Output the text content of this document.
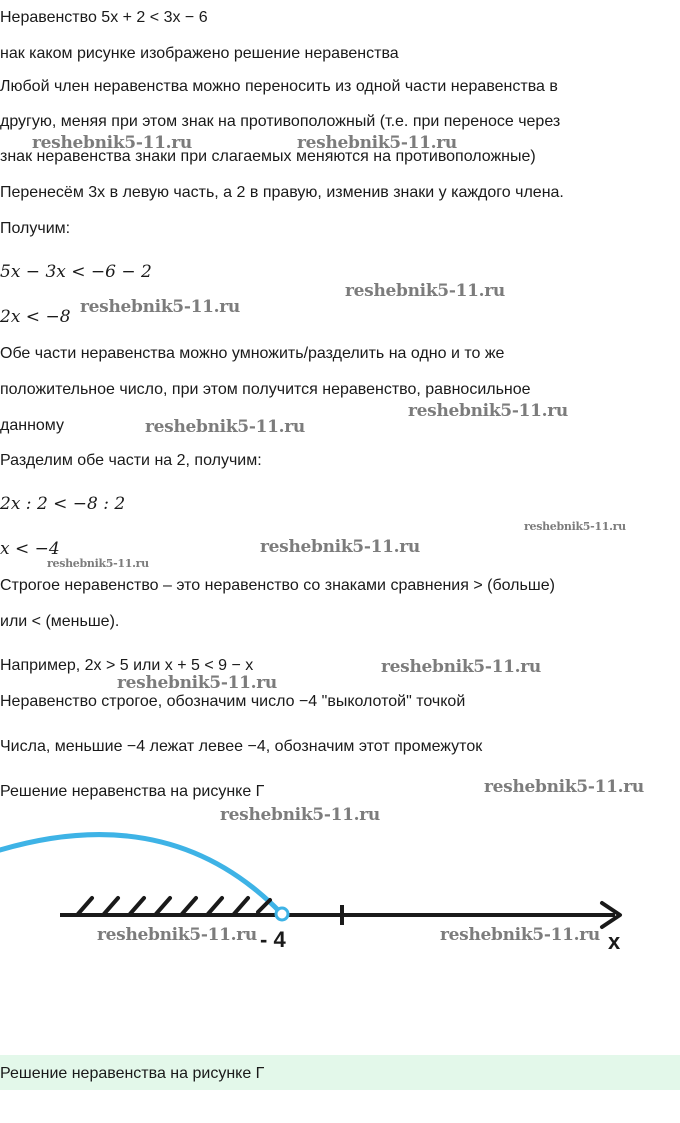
Неравенство 5x + 2 < 3x − 6
нак каком рисунке изображено решение неравенства
Любой член неравенства можно переносить из одной части неравенства в
другую, меняя при этом знак на противоположный (т.е. при переносе через
знак неравенства знаки при слагаемых меняются на противоположные)
Перенесём 3x в левую часть, а 2 в правую, изменив знаки у каждого члена.
Получим:
5x − 3x < −6 − 2
2x < −8
Обе части неравенства можно умножить/разделить на одно и то же
положительное число, при этом получится неравенство, равносильное
данному
Разделим обе части на 2, получим:
2x : 2 < −8 : 2
x < −4
Строгое неравенство – это неравенство со знаками сравнения > (больше)
или < (меньше).
Например, 2x > 5 или x + 5 < 9 − x
Неравенство строгое, обозначим число −4 "выколотой" точкой
Числа, меньшие −4 лежат левее −4, обозначим этот промежуток
Решение неравенства на рисунке Г
- 4	x
Решение неравенства на рисунке Г
reshebnik5-11.ru	reshebnik5-11.ru
reshebnik5-11.ru
reshebnik5-11.ru
reshebnik5-11.ru
reshebnik5-11.ru
reshebnik5-11.ru
reshebnik5-11.ru
reshebnik5-11.ru
reshebnik5-11.ru
reshebnik5-11.ru
reshebnik5-11.ru
reshebnik5-11.ru
reshebnik5-11.ru	reshebnik5-11.ru
